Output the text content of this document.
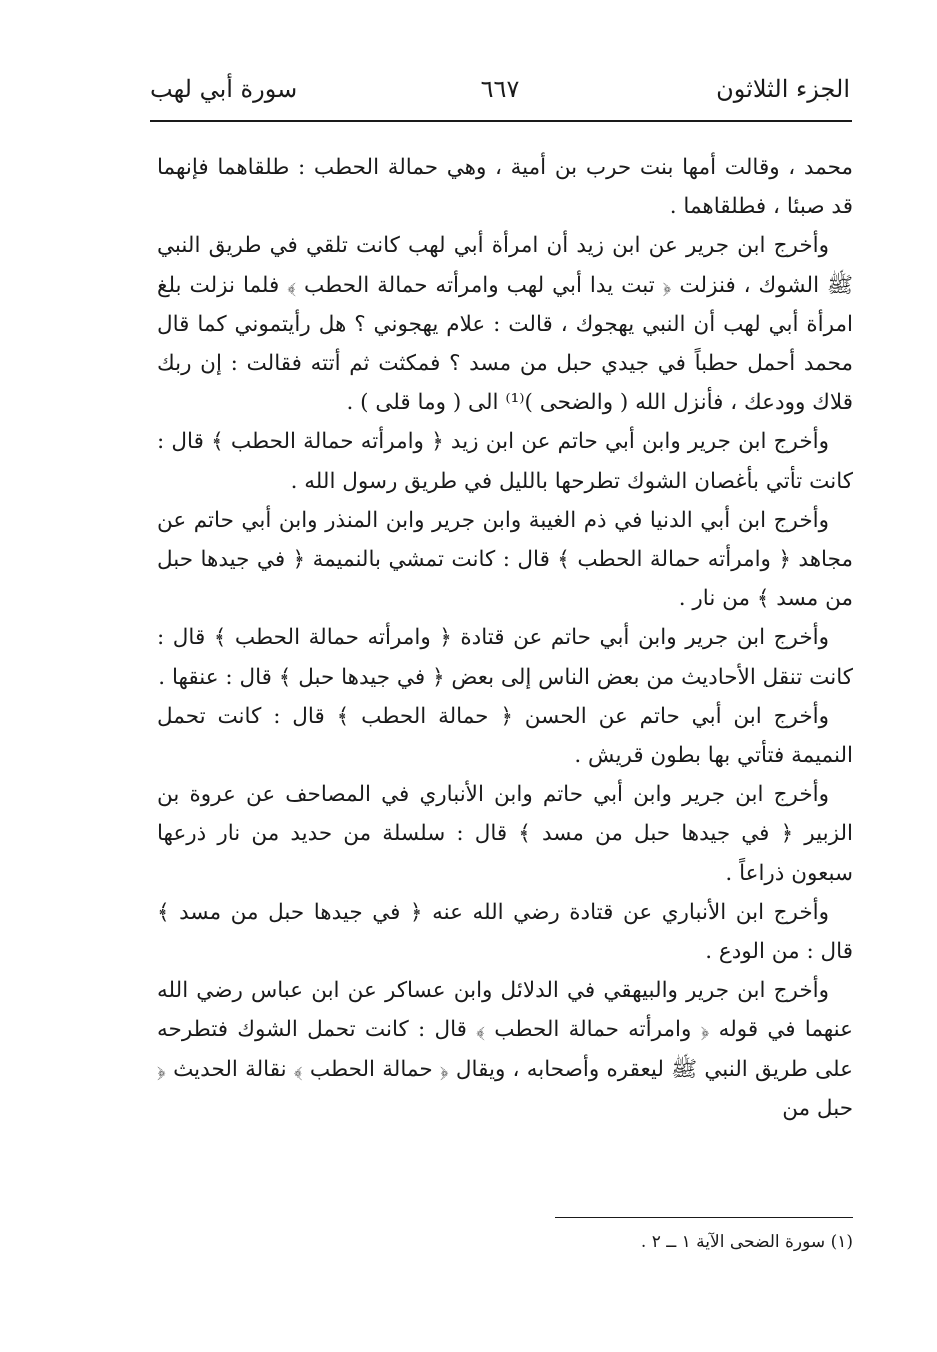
الجزء الثلاثون
٦٦٧
سورة أبي لهب

محمد ، وقالت أمها بنت حرب بن أمية ، وهي حمالة الحطب : طلقاهما فإنهما قد صبئا ، فطلقاهما .

وأخرج ابن جرير عن ابن زيد أن امرأة أبي لهب كانت تلقي في طريق النبي ﷺ الشوك ، فنزلت ﴿ تبت يدا أبي لهب وامرأته حمالة الحطب ﴾ فلما نزلت بلغ امرأة أبي لهب أن النبي يهجوك ، قالت : علام يهجوني ؟ هل رأيتموني كما قال محمد أحمل حطباً في جيدي حبل من مسد ؟ فمكثت ثم أتته فقالت : إن ربك قلاك وودعك ، فأنزل الله ( والضحى )⁽¹⁾ الى ( وما قلى ) .

وأخرج ابن جرير وابن أبي حاتم عن ابن زيد ﴿ وامرأته حمالة الحطب ﴾ قال : كانت تأتي بأغصان الشوك تطرحها بالليل في طريق رسول الله .

وأخرج ابن أبي الدنيا في ذم الغيبة وابن جرير وابن المنذر وابن أبي حاتم عن مجاهد ﴿ وامرأته حمالة الحطب ﴾ قال : كانت تمشي بالنميمة ﴿ في جيدها حبل من مسد ﴾ من نار .

وأخرج ابن جرير وابن أبي حاتم عن قتادة ﴿ وامرأته حمالة الحطب ﴾ قال : كانت تنقل الأحاديث من بعض الناس إلى بعض ﴿ في جيدها حبل ﴾ قال : عنقها .

وأخرج ابن أبي حاتم عن الحسن ﴿ حمالة الحطب ﴾ قال : كانت تحمل النميمة فتأتي بها بطون قريش .

وأخرج ابن جرير وابن أبي حاتم وابن الأنباري في المصاحف عن عروة بن الزبير ﴿ في جيدها حبل من مسد ﴾ قال : سلسلة من حديد من نار ذرعها سبعون ذراعاً .

وأخرج ابن الأنباري عن قتادة رضي الله عنه ﴿ في جيدها حبل من مسد ﴾ قال : من الودع .

وأخرج ابن جرير والبيهقي في الدلائل وابن عساكر عن ابن عباس رضي الله عنهما في قوله ﴿ وامرأته حمالة الحطب ﴾ قال : كانت تحمل الشوك فتطرحه على طريق النبي ﷺ ليعقره وأصحابه ، ويقال ﴿ حمالة الحطب ﴾ نقالة الحديث ﴿ حبل من

(١) سورة الضحى الآية ١ ــ ٢ .
